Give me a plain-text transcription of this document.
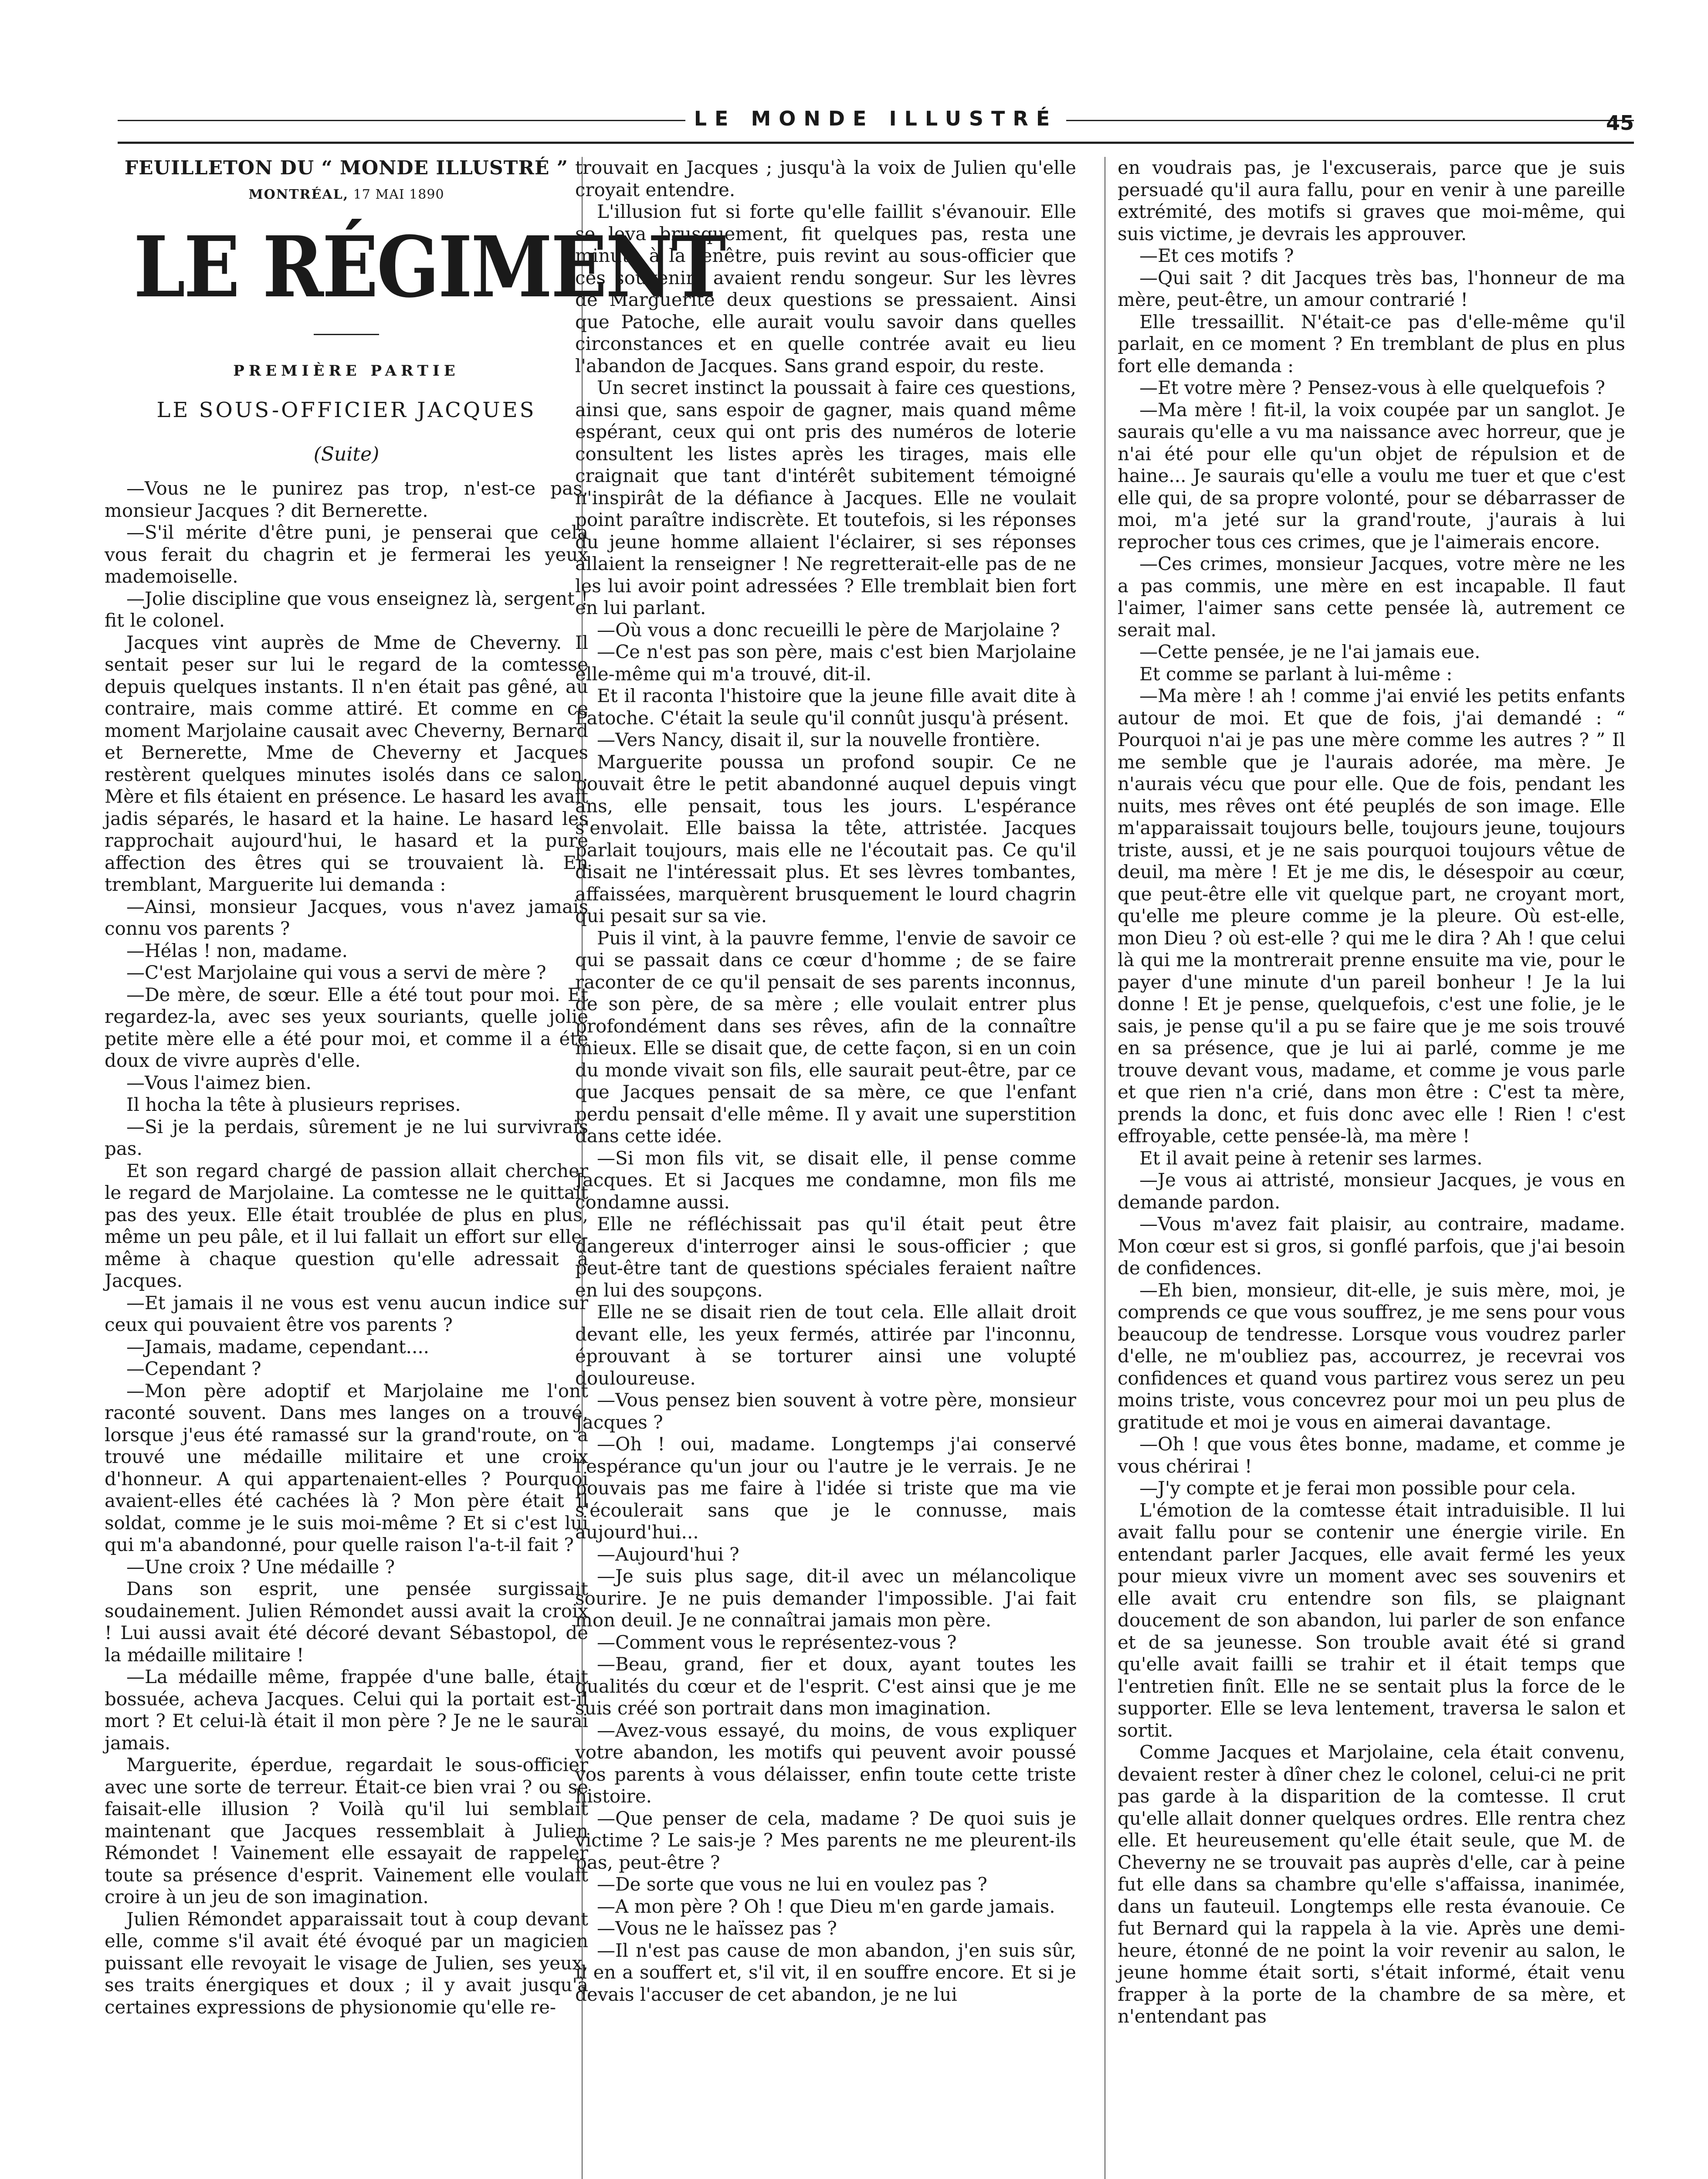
LE MONDE ILLUSTRÉ	45
FEUILLETON DU “ MONDE ILLUSTRÉ ”
MONTRÉAL, 17 MAI 1890
LE RÉGIMENT
PREMIÈRE PARTIE
LE SOUS-OFFICIER JACQUES
(Suite)

—Vous ne le punirez pas trop, n'est-ce pas, monsieur Jacques ? dit Bernerette.

—S'il mérite d'être puni, je penserai que cela vous ferait du chagrin et je fermerai les yeux mademoiselle.

—Jolie discipline que vous enseignez là, sergent ! fit le colonel.

Jacques vint auprès de Mme de Cheverny. Il sentait peser sur lui le regard de la comtesse depuis quelques instants. Il n'en était pas gêné, au contraire, mais comme attiré. Et comme en ce moment Marjolaine causait avec Cheverny, Bernard et Bernerette, Mme de Cheverny et Jacques restèrent quelques minutes isolés dans ce salon. Mère et fils étaient en présence. Le hasard les avait jadis séparés, le hasard et la haine. Le hasard les rapprochait aujourd'hui, le hasard et la pure affection des êtres qui se trouvaient là. En tremblant, Marguerite lui demanda :

—Ainsi, monsieur Jacques, vous n'avez jamais connu vos parents ?

—Hélas ! non, madame.

—C'est Marjolaine qui vous a servi de mère ?

—De mère, de sœur. Elle a été tout pour moi. Et regardez-la, avec ses yeux souriants, quelle jolie petite mère elle a été pour moi, et comme il a été doux de vivre auprès d'elle.

—Vous l'aimez bien.

Il hocha la tête à plusieurs reprises.

—Si je la perdais, sûrement je ne lui survivrais pas.

Et son regard chargé de passion allait chercher le regard de Marjolaine. La comtesse ne le quittait pas des yeux. Elle était troublée de plus en plus, même un peu pâle, et il lui fallait un effort sur elle-même à chaque question qu'elle adressait à Jacques.

—Et jamais il ne vous est venu aucun indice sur ceux qui pouvaient être vos parents ?

—Jamais, madame, cependant....

—Cependant ?

—Mon père adoptif et Marjolaine me l'ont raconté souvent. Dans mes langes on a trouvé, lorsque j'eus été ramassé sur la grand'route, on a trouvé une médaille militaire et une croix d'honneur. A qui appartenaient-elles ? Pourquoi avaient-elles été cachées là ? Mon père était il soldat, comme je le suis moi-même ? Et si c'est lui qui m'a abandonné, pour quelle raison l'a-t-il fait ?

—Une croix ? Une médaille ?

Dans son esprit, une pensée surgissait soudainement. Julien Rémondet aussi avait la croix ! Lui aussi avait été décoré devant Sébastopol, de la médaille militaire !

—La médaille même, frappée d'une balle, était bossuée, acheva Jacques. Celui qui la portait est-il mort ? Et celui-là était il mon père ? Je ne le saurai jamais.

Marguerite, éperdue, regardait le sous-officier avec une sorte de terreur. Était-ce bien vrai ? ou se faisait-elle illusion ? Voilà qu'il lui semblait maintenant que Jacques ressemblait à Julien Rémondet ! Vainement elle essayait de rappeler toute sa présence d'esprit. Vainement elle voulait croire à un jeu de son imagination.

Julien Rémondet apparaissait tout à coup devant elle, comme s'il avait été évoqué par un magicien puissant elle revoyait le visage de Julien, ses yeux, ses traits énergiques et doux ; il y avait jusqu'à certaines expressions de physionomie qu'elle re-

trouvait en Jacques ; jusqu'à la voix de Julien qu'elle croyait entendre.

L'illusion fut si forte qu'elle faillit s'évanouir. Elle se leva brusquement, fit quelques pas, resta une minute à la fenêtre, puis revint au sous-officier que ces souvenirs avaient rendu songeur. Sur les lèvres de Marguerite deux questions se pressaient. Ainsi que Patoche, elle aurait voulu savoir dans quelles circonstances et en quelle contrée avait eu lieu l'abandon de Jacques. Sans grand espoir, du reste.

Un secret instinct la poussait à faire ces questions, ainsi que, sans espoir de gagner, mais quand même espérant, ceux qui ont pris des numéros de loterie consultent les listes après les tirages, mais elle craignait que tant d'intérêt subitement témoigné n'inspirât de la défiance à Jacques. Elle ne voulait point paraître indiscrète. Et toutefois, si les réponses du jeune homme allaient l'éclairer, si ses réponses allaient la renseigner ! Ne regretterait-elle pas de ne les lui avoir point adressées ? Elle tremblait bien fort en lui parlant.

—Où vous a donc recueilli le père de Marjolaine ?

—Ce n'est pas son père, mais c'est bien Marjolaine elle-même qui m'a trouvé, dit-il.

Et il raconta l'histoire que la jeune fille avait dite à Patoche. C'était la seule qu'il connût jusqu'à présent.

—Vers Nancy, disait il, sur la nouvelle frontière.

Marguerite poussa un profond soupir. Ce ne pouvait être le petit abandonné auquel depuis vingt ans, elle pensait, tous les jours. L'espérance s'envolait. Elle baissa la tête, attristée. Jacques parlait toujours, mais elle ne l'écoutait pas. Ce qu'il disait ne l'intéressait plus. Et ses lèvres tombantes, affaissées, marquèrent brusquement le lourd chagrin qui pesait sur sa vie.

Puis il vint, à la pauvre femme, l'envie de savoir ce qui se passait dans ce cœur d'homme ; de se faire raconter de ce qu'il pensait de ses parents inconnus, de son père, de sa mère ; elle voulait entrer plus profondément dans ses rêves, afin de la connaître mieux. Elle se disait que, de cette façon, si en un coin du monde vivait son fils, elle saurait peut-être, par ce que Jacques pensait de sa mère, ce que l'enfant perdu pensait d'elle même. Il y avait une superstition dans cette idée.

—Si mon fils vit, se disait elle, il pense comme Jacques. Et si Jacques me condamne, mon fils me condamne aussi.

Elle ne réfléchissait pas qu'il était peut être dangereux d'interroger ainsi le sous-officier ; que peut-être tant de questions spéciales feraient naître en lui des soupçons.

Elle ne se disait rien de tout cela. Elle allait droit devant elle, les yeux fermés, attirée par l'inconnu, éprouvant à se torturer ainsi une volupté douloureuse.

—Vous pensez bien souvent à votre père, monsieur Jacques ?

—Oh ! oui, madame. Longtemps j'ai conservé l'espérance qu'un jour ou l'autre je le verrais. Je ne pouvais pas me faire à l'idée si triste que ma vie s'écoulerait sans que je le connusse, mais aujourd'hui...

—Aujourd'hui ?

—Je suis plus sage, dit-il avec un mélancolique sourire. Je ne puis demander l'impossible. J'ai fait mon deuil. Je ne connaîtrai jamais mon père.

—Comment vous le représentez-vous ?

—Beau, grand, fier et doux, ayant toutes les qualités du cœur et de l'esprit. C'est ainsi que je me suis créé son portrait dans mon imagination.

—Avez-vous essayé, du moins, de vous expliquer votre abandon, les motifs qui peuvent avoir poussé vos parents à vous délaisser, enfin toute cette triste histoire.

—Que penser de cela, madame ? De quoi suis je victime ? Le sais-je ? Mes parents ne me pleurent-ils pas, peut-être ?

—De sorte que vous ne lui en voulez pas ?

—A mon père ? Oh ! que Dieu m'en garde jamais.

—Vous ne le haïssez pas ?

—Il n'est pas cause de mon abandon, j'en suis sûr, il en a souffert et, s'il vit, il en souffre encore. Et si je devais l'accuser de cet abandon, je ne lui

en voudrais pas, je l'excuserais, parce que je suis persuadé qu'il aura fallu, pour en venir à une pareille extrémité, des motifs si graves que moi-même, qui suis victime, je devrais les approuver.

—Et ces motifs ?

—Qui sait ? dit Jacques très bas, l'honneur de ma mère, peut-être, un amour contrarié !

Elle tressaillit. N'était-ce pas d'elle-même qu'il parlait, en ce moment ? En tremblant de plus en plus fort elle demanda :

—Et votre mère ? Pensez-vous à elle quelquefois ?

—Ma mère ! fit-il, la voix coupée par un sanglot. Je saurais qu'elle a vu ma naissance avec horreur, que je n'ai été pour elle qu'un objet de répulsion et de haine... Je saurais qu'elle a voulu me tuer et que c'est elle qui, de sa propre volonté, pour se débarrasser de moi, m'a jeté sur la grand'route, j'aurais à lui reprocher tous ces crimes, que je l'aimerais encore.

—Ces crimes, monsieur Jacques, votre mère ne les a pas commis, une mère en est incapable. Il faut l'aimer, l'aimer sans cette pensée là, autrement ce serait mal.

—Cette pensée, je ne l'ai jamais eue.

Et comme se parlant à lui-même :

—Ma mère ! ah ! comme j'ai envié les petits enfants autour de moi. Et que de fois, j'ai demandé : “ Pourquoi n'ai je pas une mère comme les autres ? ” Il me semble que je l'aurais adorée, ma mère. Je n'aurais vécu que pour elle. Que de fois, pendant les nuits, mes rêves ont été peuplés de son image. Elle m'apparaissait toujours belle, toujours jeune, toujours triste, aussi, et je ne sais pourquoi toujours vêtue de deuil, ma mère ! Et je me dis, le désespoir au cœur, que peut-être elle vit quelque part, ne croyant mort, qu'elle me pleure comme je la pleure. Où est-elle, mon Dieu ? où est-elle ? qui me le dira ? Ah ! que celui là qui me la montrerait prenne ensuite ma vie, pour le payer d'une minute d'un pareil bonheur ! Je la lui donne ! Et je pense, quelquefois, c'est une folie, je le sais, je pense qu'il a pu se faire que je me sois trouvé en sa présence, que je lui ai parlé, comme je me trouve devant vous, madame, et comme je vous parle et que rien n'a crié, dans mon être : C'est ta mère, prends la donc, et fuis donc avec elle ! Rien ! c'est effroyable, cette pensée-là, ma mère !

Et il avait peine à retenir ses larmes.

—Je vous ai attristé, monsieur Jacques, je vous en demande pardon.

—Vous m'avez fait plaisir, au contraire, madame. Mon cœur est si gros, si gonflé parfois, que j'ai besoin de confidences.

—Eh bien, monsieur, dit-elle, je suis mère, moi, je comprends ce que vous souffrez, je me sens pour vous beaucoup de tendresse. Lorsque vous voudrez parler d'elle, ne m'oubliez pas, accourrez, je recevrai vos confidences et quand vous partirez vous serez un peu moins triste, vous concevrez pour moi un peu plus de gratitude et moi je vous en aimerai davantage.

—Oh ! que vous êtes bonne, madame, et comme je vous chérirai !

—J'y compte et je ferai mon possible pour cela.

L'émotion de la comtesse était intraduisible. Il lui avait fallu pour se contenir une énergie virile. En entendant parler Jacques, elle avait fermé les yeux pour mieux vivre un moment avec ses souvenirs et elle avait cru entendre son fils, se plaignant doucement de son abandon, lui parler de son enfance et de sa jeunesse. Son trouble avait été si grand qu'elle avait failli se trahir et il était temps que l'entretien finît. Elle ne se sentait plus la force de le supporter. Elle se leva lentement, traversa le salon et sortit.

Comme Jacques et Marjolaine, cela était convenu, devaient rester à dîner chez le colonel, celui-ci ne prit pas garde à la disparition de la comtesse. Il crut qu'elle allait donner quelques ordres. Elle rentra chez elle. Et heureusement qu'elle était seule, que M. de Cheverny ne se trouvait pas auprès d'elle, car à peine fut elle dans sa chambre qu'elle s'affaissa, inanimée, dans un fauteuil. Longtemps elle resta évanouie. Ce fut Bernard qui la rappela à la vie. Après une demi-heure, étonné de ne point la voir revenir au salon, le jeune homme était sorti, s'était informé, était venu frapper à la porte de la chambre de sa mère, et n'entendant pas
